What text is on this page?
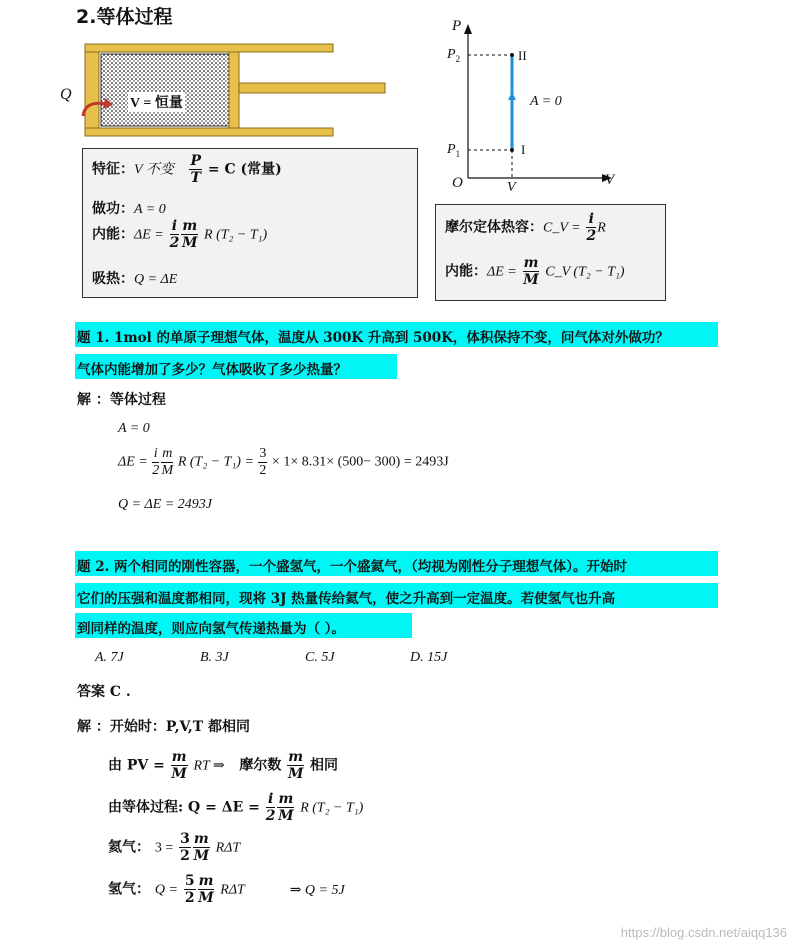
2.等体过程
Q
V = 恒量
P
V
O
$P_2$
$P_1$
V
II
I
A = 0
特征：V 不变 $\frac{P}{T} = C$ (常量)
做功：A = 0
内能：$\Delta E = \frac{i}{2} \frac{m}{M}$ R (T₂ − T₁)
吸热：Q = ΔE
摩尔定体热容：C_V = $\frac{i}{2}$ R
内能：$\Delta E = \frac{m}{M}$ C_V (T₂ − T₁)
题 1. 1mol 的单原子理想气体，温度从 300K 升高到 500K，体积保持不变，问气体对外做功？
气体内能增加了多少？气体吸收了多少热量？
解 ：等体过程
A = 0
$\Delta E = \frac{i}{2} \frac{m}{M}$ R $(T_2 - T_1) = \frac{3}{2} \times 1\times 8.31\times (500- 300) = 2493J$
Q = ΔE = 2493J
题 2. 两个相同的刚性容器，一个盛氢气，一个盛氦气，（均视为刚性分子理想气体）。开始时
它们的压强和温度都相同，现将 3J 热量传给氦气，使之升高到一定温度。若使氢气也升高
到同样的温度，则应向氢气传递热量为（ ）。
A. 7J	B. 3J	C. 5J	D. 15J
答案 C .
解 ：开始时：P,V,T 都相同
由 PV = $\frac{m}{M}$ RT ⇒ 摩尔数 $\frac{m}{M}$ 相同
由等体过程: $Q = \Delta E = \frac{i}{2} \frac{m}{M}$ R (T₂ − T₁)
氦气： $3 = \frac{3}{2} \frac{m}{M}$ RΔT
氢气： $Q = \frac{5}{2} \frac{m}{M}$ RΔT	⇒ Q = 5J
https://blog.csdn.net/aiqq136
